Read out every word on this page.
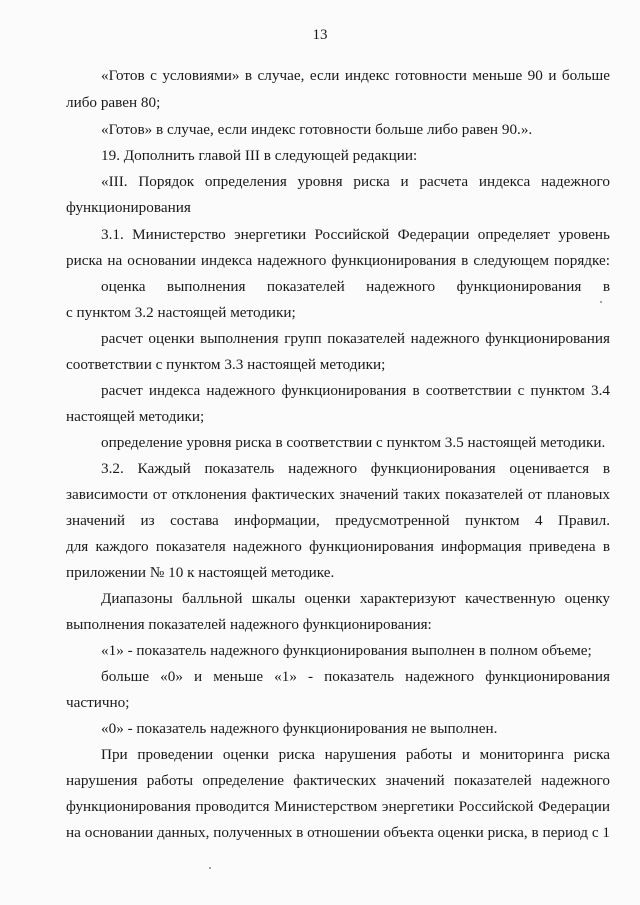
13
«Готов с условиями» в случае, если индекс готовности меньше 90 и больше
либо равен 80;
«Готов» в случае, если индекс готовности больше либо равен 90.».
19. Дополнить главой III в следующей редакции:
«III. Порядок определения уровня риска и расчета индекса надежного
функционирования
3.1. Министерство энергетики Российской Федерации определяет уровень
риска на основании индекса надежного функционирования в следующем порядке:
оценка выполнения показателей надежного функционирования в
с пунктом 3.2 настоящей методики;
расчет оценки выполнения групп показателей надежного функционирования
соответствии с пунктом 3.3 настоящей методики;
расчет индекса надежного функционирования в соответствии с пунктом 3.4
настоящей методики;
определение уровня риска в соответствии с пунктом 3.5 настоящей методики.
3.2. Каждый показатель надежного функционирования оценивается в
зависимости от отклонения фактических значений таких показателей от плановых
значений из состава информации, предусмотренной пунктом 4 Правил.
для каждого показателя надежного функционирования информация приведена в
приложении № 10 к настоящей методике.
Диапазоны балльной шкалы оценки характеризуют качественную оценку
выполнения показателей надежного функционирования:
«1» - показатель надежного функционирования выполнен в полном объеме;
больше «0» и меньше «1» - показатель надежного функционирования
частично;
«0» - показатель надежного функционирования не выполнен.
При проведении оценки риска нарушения работы и мониторинга риска
нарушения работы определение фактических значений показателей надежного
функционирования проводится Министерством энергетики Российской Федерации
на основании данных, полученных в отношении объекта оценки риска, в период с 1
